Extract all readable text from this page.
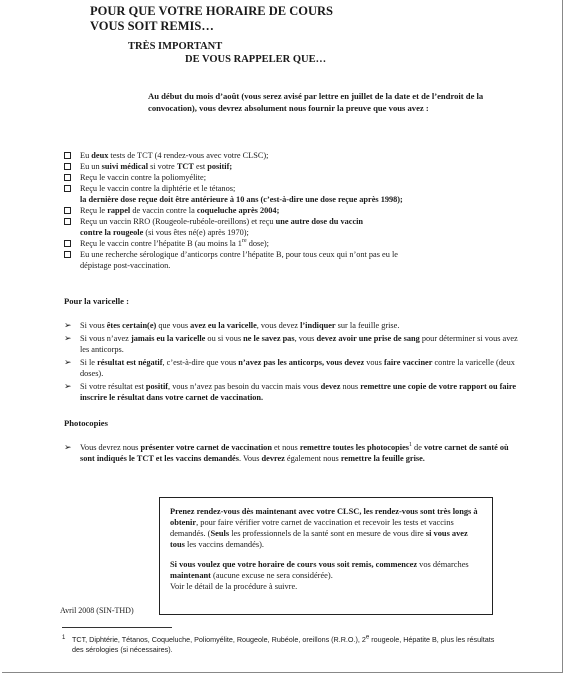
POUR QUE VOTRE HORAIRE DE COURS
VOUS SOIT REMIS…
TRÈS IMPORTANT
DE VOUS RAPPELER QUE…
Au début du mois d’août (vous serez avisé par lettre en juillet de la date et de l’endroit de la convocation), vous devrez absolument nous fournir la preuve que vous avez :
Eu deux tests de TCT (4 rendez-vous avec votre CLSC);
Eu un suivi médical si votre TCT est positif;
Reçu le vaccin contre la poliomyélite;
Reçu le vaccin contre la diphtérie et le tétanos;
la dernière dose reçue doit être antérieure à 10 ans (c’est-à-dire une dose reçue après 1998);
Reçu le rappel de vaccin contre la coqueluche après 2004;
Reçu un vaccin RRO (Rougeole-rubéole-oreillons) et reçu une autre dose du vaccin
contre la rougeole (si vous êtes né(e) après 1970);
Reçu le vaccin contre l’hépatite B (au moins la 1re dose);
Eu une recherche sérologique d’anticorps contre l’hépatite B, pour tous ceux qui n’ont pas eu le
dépistage post-vaccination.
Pour la varicelle :
➢ Si vous êtes certain(e) que vous avez eu la varicelle, vous devez l’indiquer sur la feuille grise.
➢ Si vous n’avez jamais eu la varicelle ou si vous ne le savez pas, vous devez avoir une prise de sang pour déterminer si vous avez les anticorps.
➢ Si le résultat est négatif, c’est-à-dire que vous n’avez pas les anticorps, vous devez vous faire vacciner contre la varicelle (deux doses).
➢ Si votre résultat est positif, vous n’avez pas besoin du vaccin mais vous devez nous remettre une copie de votre rapport ou faire inscrire le résultat dans votre carnet de vaccination.
Photocopies
➢ Vous devrez nous présenter votre carnet de vaccination et nous remettre toutes les photocopies$^1$ de votre carnet de santé où sont indiqués le TCT et les vaccins demandés. Vous devrez également nous remettre la feuille grise.

Prenez rendez-vous dès maintenant avec votre CLSC, les rendez-vous sont très longs à obtenir, pour faire vérifier votre carnet de vaccination et recevoir les tests et vaccins demandés. (Seuls les professionnels de la santé sont en mesure de vous dire si vous avez tous les vaccins demandés).

Si vous voulez que votre horaire de cours vous soit remis, commencez vos démarches maintenant (aucune excuse ne sera considérée).
Voir le détail de la procédure à suivre.

Avril 2008 (SIN-THD)
1 TCT, Diphtérie, Tétanos, Coqueluche, Poliomyélite, Rougeole, Rubéole, oreillons (R.R.O.), 2e rougeole, Hépatite B, plus les résultats des sérologies (si nécessaires).
